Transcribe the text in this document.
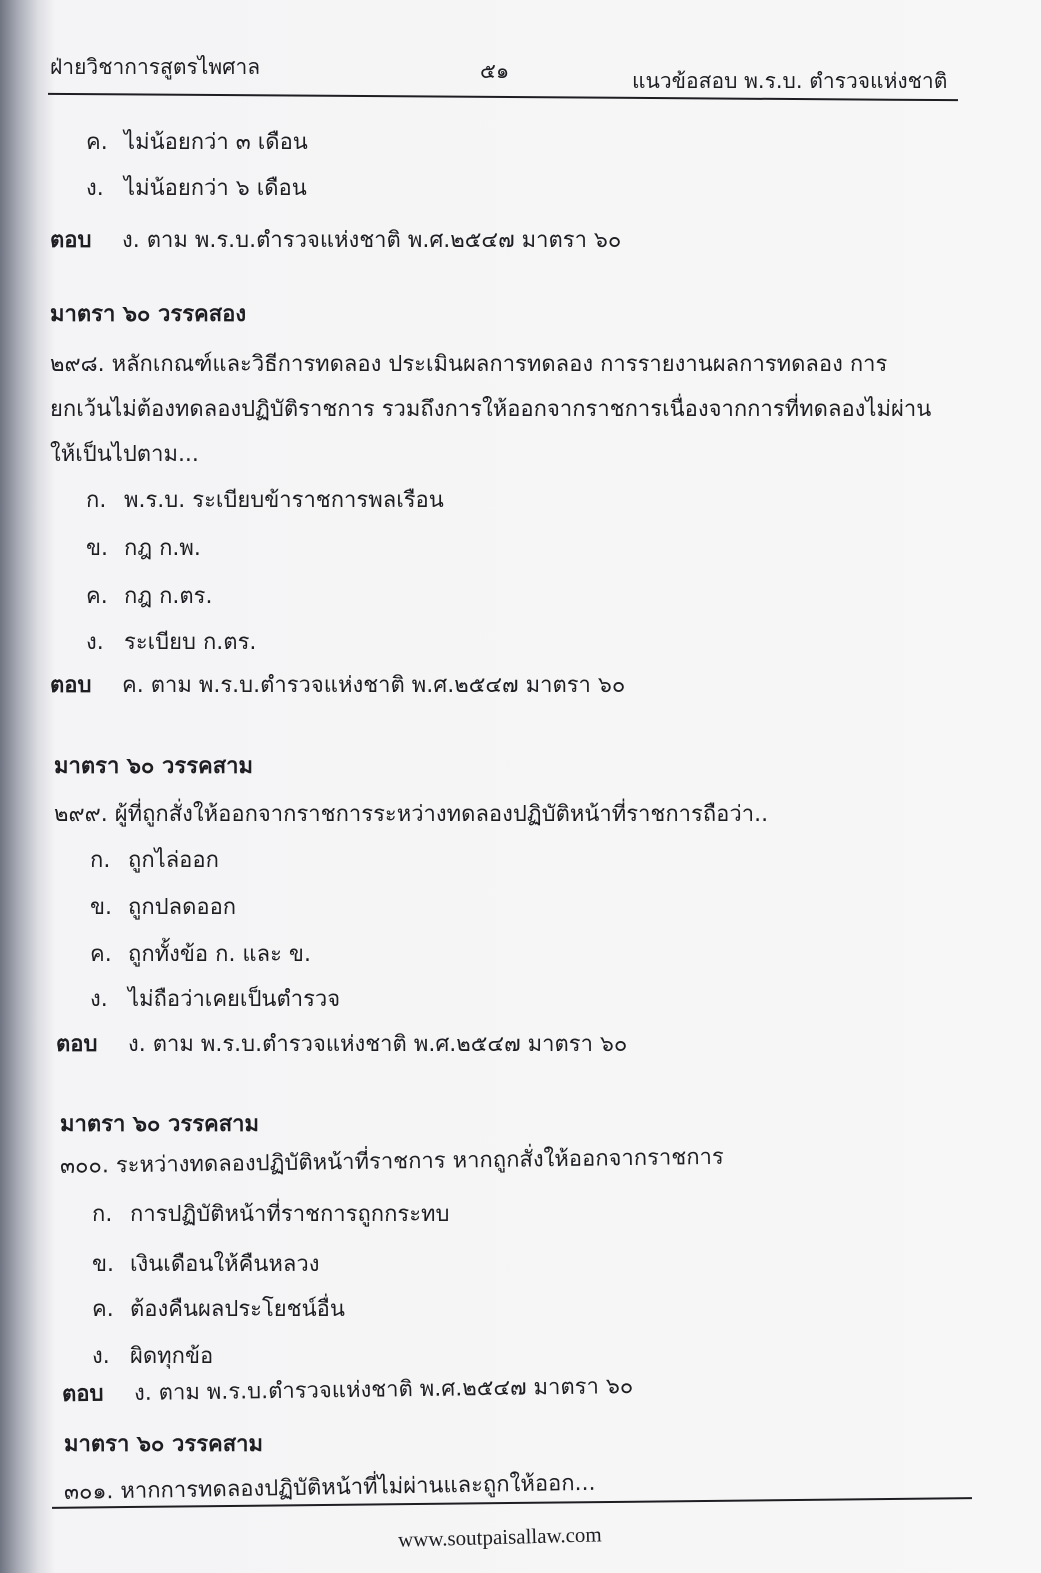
ฝ่ายวิชาการสูตรไพศาล	๕๑	แนวข้อสอบ พ.ร.บ. ตำรวจแห่งชาติ
ค. ไม่น้อยกว่า ๓ เดือน
ง. ไม่น้อยกว่า ๖ เดือน
ตอบ ง. ตาม พ.ร.บ.ตำรวจแห่งชาติ พ.ศ.๒๕๔๗ มาตรา ๖๐
มาตรา ๖๐ วรรคสอง
๒๙๘. หลักเกณฑ์และวิธีการทดลอง ประเมินผลการทดลอง การรายงานผลการทดลอง การ
ยกเว้นไม่ต้องทดลองปฏิบัติราชการ รวมถึงการให้ออกจากราชการเนื่องจากการที่ทดลองไม่ผ่าน
ให้เป็นไปตาม...
ก. พ.ร.บ. ระเบียบข้าราชการพลเรือน
ข. กฎ ก.พ.
ค. กฎ ก.ตร.
ง. ระเบียบ ก.ตร.
ตอบ ค. ตาม พ.ร.บ.ตำรวจแห่งชาติ พ.ศ.๒๕๔๗ มาตรา ๖๐
มาตรา ๖๐ วรรคสาม
๒๙๙. ผู้ที่ถูกสั่งให้ออกจากราชการระหว่างทดลองปฏิบัติหน้าที่ราชการถือว่า..
ก. ถูกไล่ออก
ข. ถูกปลดออก
ค. ถูกทั้งข้อ ก. และ ข.
ง. ไม่ถือว่าเคยเป็นตำรวจ
ตอบ ง. ตาม พ.ร.บ.ตำรวจแห่งชาติ พ.ศ.๒๕๔๗ มาตรา ๖๐
มาตรา ๖๐ วรรคสาม
๓๐๐. ระหว่างทดลองปฏิบัติหน้าที่ราชการ หากถูกสั่งให้ออกจากราชการ
ก. การปฏิบัติหน้าที่ราชการถูกกระทบ
ข. เงินเดือนให้คืนหลวง
ค. ต้องคืนผลประโยชน์อื่น
ง. ผิดทุกข้อ
ตอบ ง. ตาม พ.ร.บ.ตำรวจแห่งชาติ พ.ศ.๒๕๔๗ มาตรา ๖๐
มาตรา ๖๐ วรรคสาม
๓๐๑. หากการทดลองปฏิบัติหน้าที่ไม่ผ่านและถูกให้ออก...
www.soutpaisallaw.com
